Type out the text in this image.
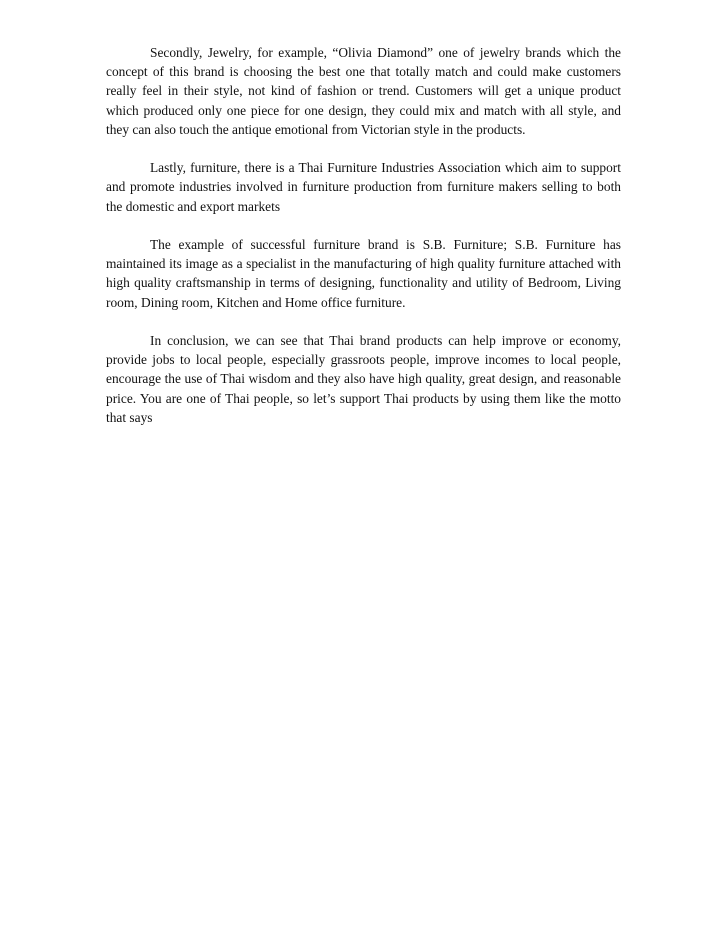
Secondly, Jewelry, for example, “Olivia Diamond” one of jewelry brands which the concept of this brand is choosing the best one that totally match and could make customers really feel in their style, not kind of fashion or trend. Customers will get a unique product which produced only one piece for one design, they could mix and match with all style, and they can also touch the antique emotional from Victorian style in the products.

Lastly, furniture, there is a Thai Furniture Industries Association which aim to support and promote industries involved in furniture production from furniture makers selling to both the domestic and export markets

The example of successful furniture brand is S.B. Furniture; S.B. Furniture has maintained its image as a specialist in the manufacturing of high quality furniture attached with high quality craftsmanship in terms of designing, functionality and utility of Bedroom, Living room, Dining room, Kitchen and Home office furniture.

In conclusion, we can see that Thai brand products can help improve or economy, provide jobs to local people, especially grassroots people, improve incomes to local people, encourage the use of Thai wisdom and they also have high quality, great design, and reasonable price. You are one of Thai people, so let’s support Thai products by using them like the motto that says
